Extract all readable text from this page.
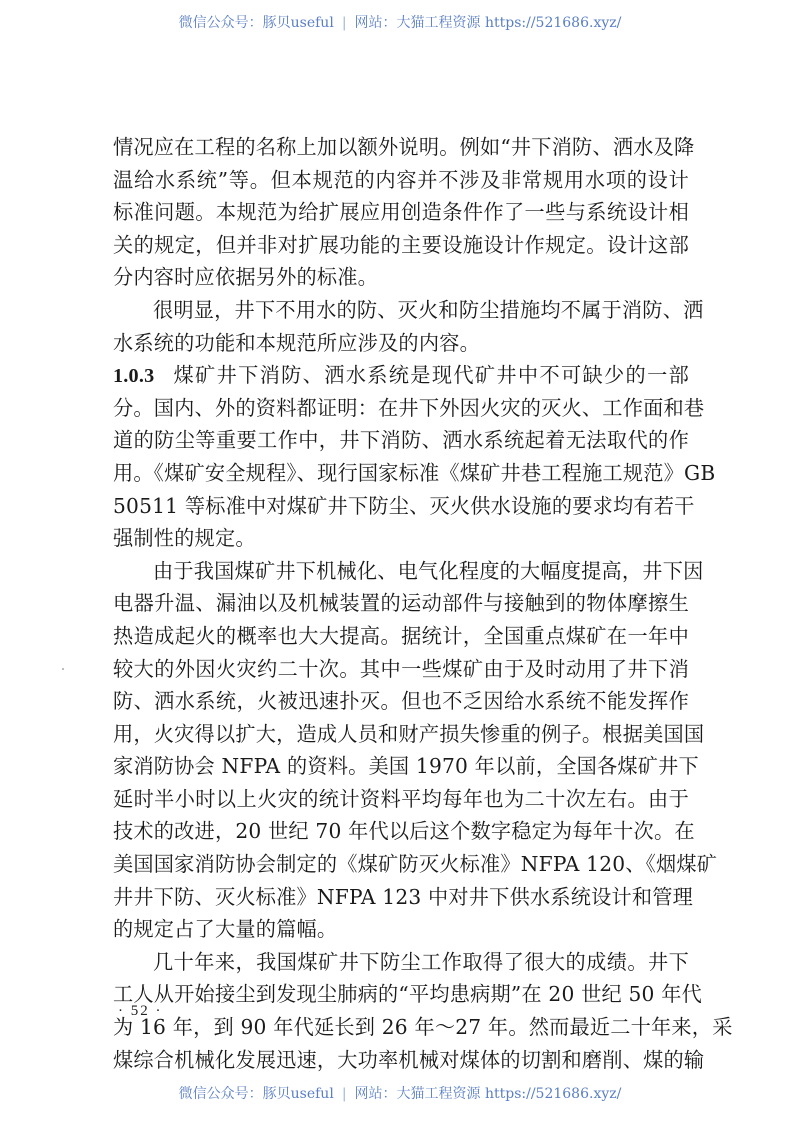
微信公众号：豚贝useful | 网站：大猫工程资源 https://521686.xyz/
情况应在工程的名称上加以额外说明。例如“井下消防、洒水及降
温给水系统”等。但本规范的内容并不涉及非常规用水项的设计
标准问题。本规范为给扩展应用创造条件作了一些与系统设计相
关的规定，但并非对扩展功能的主要设施设计作规定。设计这部
分内容时应依据另外的标准。
很明显，井下不用水的防、灭火和防尘措施均不属于消防、洒
水系统的功能和本规范所应涉及的内容。
1.0.3 煤矿井下消防、洒水系统是现代矿井中不可缺少的一部
分。国内、外的资料都证明：在井下外因火灾的灭火、工作面和巷
道的防尘等重要工作中，井下消防、洒水系统起着无法取代的作
用。《煤矿安全规程》、现行国家标准《煤矿井巷工程施工规范》GB
50511 等标准中对煤矿井下防尘、灭火供水设施的要求均有若干
强制性的规定。
由于我国煤矿井下机械化、电气化程度的大幅度提高，井下因
电器升温、漏油以及机械装置的运动部件与接触到的物体摩擦生
热造成起火的概率也大大提高。据统计，全国重点煤矿在一年中
较大的外因火灾约二十次。其中一些煤矿由于及时动用了井下消
防、洒水系统，火被迅速扑灭。但也不乏因给水系统不能发挥作
用，火灾得以扩大，造成人员和财产损失惨重的例子。根据美国国
家消防协会 NFPA 的资料。美国 1970 年以前，全国各煤矿井下
延时半小时以上火灾的统计资料平均每年也为二十次左右。由于
技术的改进，20 世纪 70 年代以后这个数字稳定为每年十次。在
美国国家消防协会制定的《煤矿防灭火标准》NFPA 120、《烟煤矿
井井下防、灭火标准》NFPA 123 中对井下供水系统设计和管理
的规定占了大量的篇幅。
几十年来，我国煤矿井下防尘工作取得了很大的成绩。井下
工人从开始接尘到发现尘肺病的“平均患病期”在 20 世纪 50 年代
为 16 年，到 90 年代延长到 26 年～27 年。然而最近二十年来，采
煤综合机械化发展迅速，大功率机械对煤体的切割和磨削、煤的输
· 52 ·
微信公众号：豚贝useful | 网站：大猫工程资源 https://521686.xyz/
